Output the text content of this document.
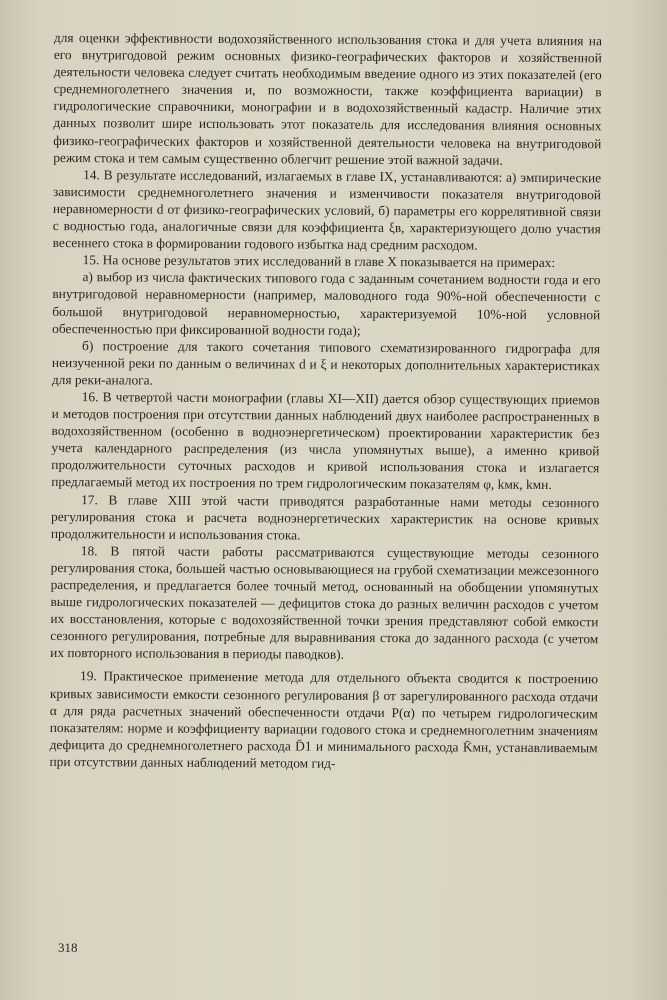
для оценки эффективности водохозяйственного использования стока и для учета влияния на его внутригодовой режим основных физико-географических факторов и хозяйственной деятельности человека следует считать необходимым введение одного из этих показателей (его среднемноголетнего значения и, по возможности, также коэффициента вариации) в гидрологические справочники, монографии и в водохозяйственный кадастр. Наличие этих данных позволит шире использовать этот показатель для исследования влияния основных физико-географических факторов и хозяйственной деятельности человека на внутригодовой режим стока и тем самым существенно облегчит решение этой важной задачи.

14. В результате исследований, излагаемых в главе IX, устанавливаются: а) эмпирические зависимости среднемноголетнего значения и изменчивости показателя внутригодовой неравномерности d от физико-географических условий, б) параметры его коррелятивной связи с водностью года, аналогичные связи для коэффициента ξв, характеризующего долю участия весеннего стока в формировании годового избытка над средним расходом.

15. На основе результатов этих исследований в главе X показывается на примерах:

а) выбор из числа фактических типового года с заданным сочетанием водности года и его внутригодовой неравномерности (например, маловодного года 90%-ной обеспеченности с большой внутригодовой неравномерностью, характеризуемой 10%-ной условной обеспеченностью при фиксированной водности года);

б) построение для такого сочетания типового схематизированного гидрографа для неизученной реки по данным о величинах d и ξ и некоторых дополнительных характеристиках для реки-аналога.

16. В четвертой части монографии (главы XI—XII) дается обзор существующих приемов и методов построения при отсутствии данных наблюдений двух наиболее распространенных в водохозяйственном (особенно в водноэнергетическом) проектировании характеристик без учета календарного распределения (из числа упомянутых выше), а именно кривой продолжительности суточных расходов и кривой использования стока и излагается предлагаемый метод их построения по трем гидрологическим показателям φ, kмк, kмн.

17. В главе XIII этой части приводятся разработанные нами методы сезонного регулирования стока и расчета водноэнергетических характеристик на основе кривых продолжительности и использования стока.

18. В пятой части работы рассматриваются существующие методы сезонного регулирования стока, большей частью основывающиеся на грубой схематизации межсезонного распределения, и предлагается более точный метод, основанный на обобщении упомянутых выше гидрологических показателей — дефицитов стока до разных величин расходов с учетом их восстановления, которые с водохозяйственной точки зрения представляют собой емкости сезонного регулирования, потребные для выравнивания стока до заданного расхода (с учетом их повторного использования в периоды паводков).

19. Практическое применение метода для отдельного объекта сводится к построению кривых зависимости емкости сезонного регулирования β от зарегулированного расхода отдачи α для ряда расчетных значений обеспеченности отдачи P(α) по четырем гидрологическим показателям: норме и коэффициенту вариации годового стока и среднемноголетним значениям дефицита до среднемноголетнего расхода D̄1 и минимального расхода K̄мн, устанавливаемым при отсутствии данных наблюдений методом гид-

318
